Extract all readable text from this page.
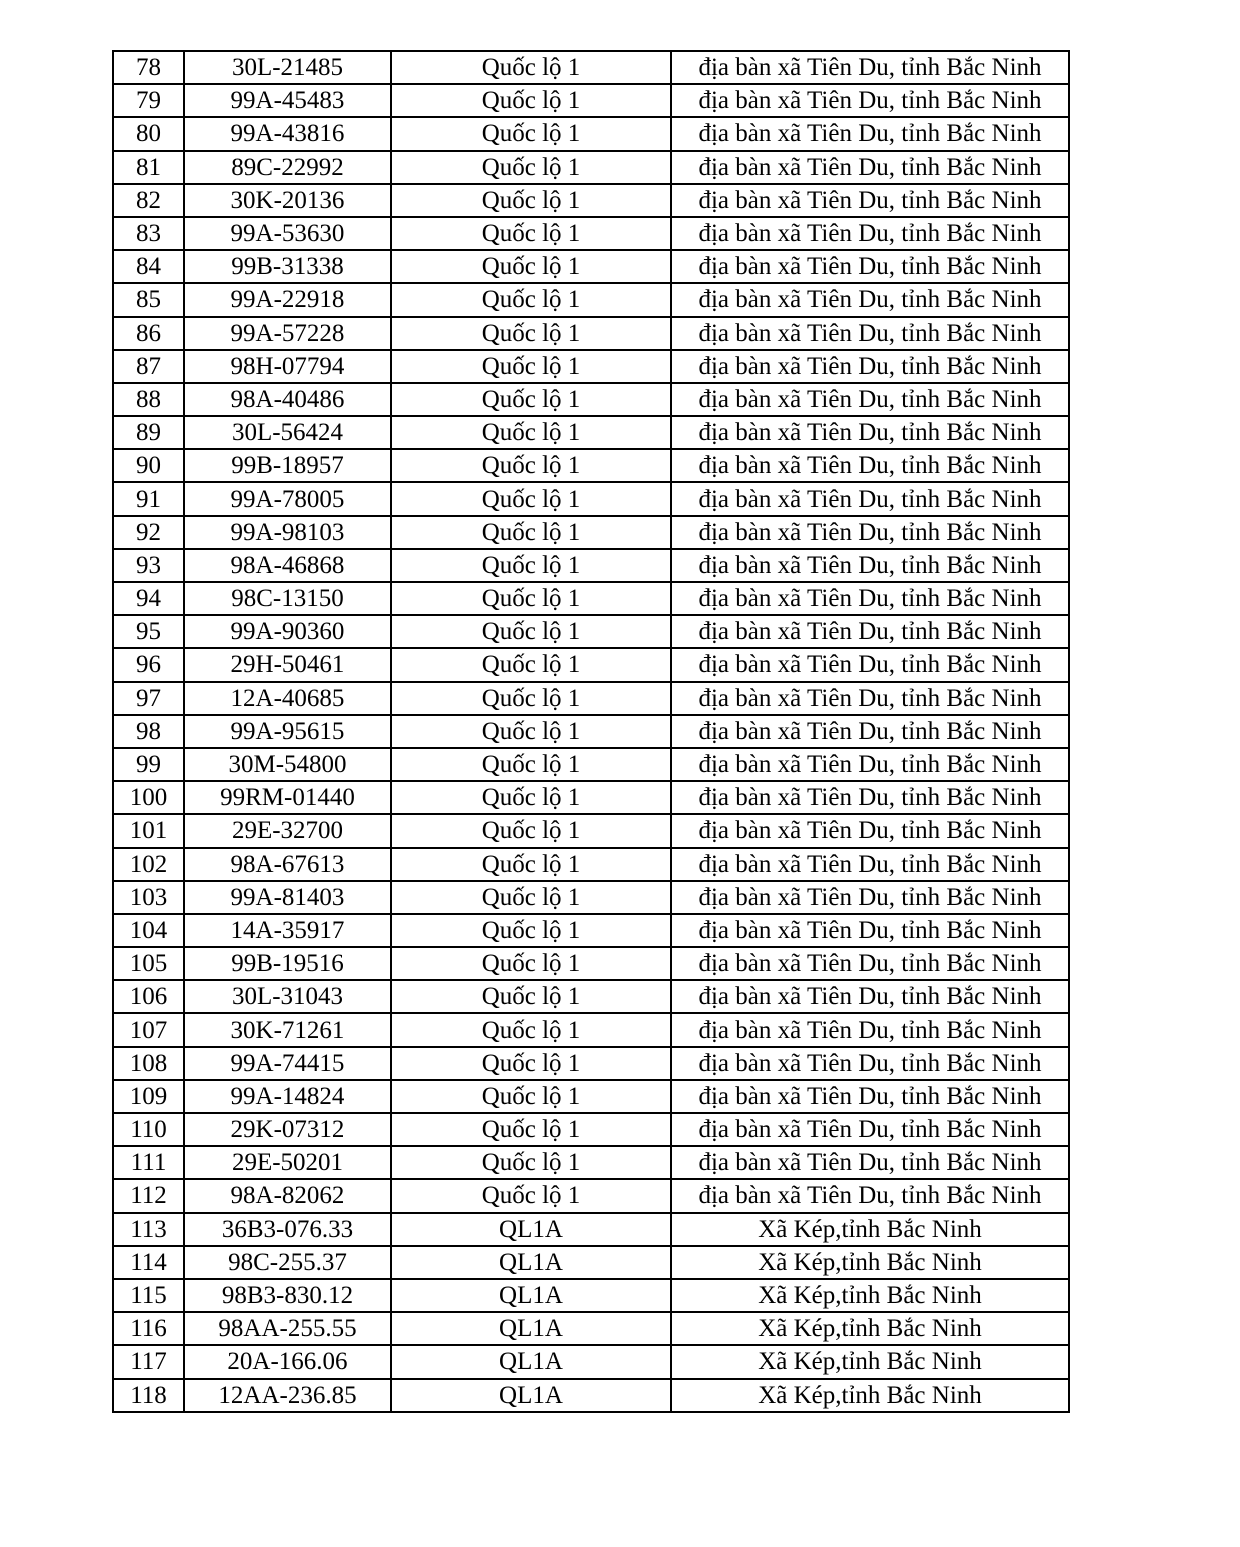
78	30L-21485	Quốc lộ 1	địa bàn xã Tiên Du, tỉnh Bắc Ninh
79	99A-45483	Quốc lộ 1	địa bàn xã Tiên Du, tỉnh Bắc Ninh
80	99A-43816	Quốc lộ 1	địa bàn xã Tiên Du, tỉnh Bắc Ninh
81	89C-22992	Quốc lộ 1	địa bàn xã Tiên Du, tỉnh Bắc Ninh
82	30K-20136	Quốc lộ 1	địa bàn xã Tiên Du, tỉnh Bắc Ninh
83	99A-53630	Quốc lộ 1	địa bàn xã Tiên Du, tỉnh Bắc Ninh
84	99B-31338	Quốc lộ 1	địa bàn xã Tiên Du, tỉnh Bắc Ninh
85	99A-22918	Quốc lộ 1	địa bàn xã Tiên Du, tỉnh Bắc Ninh
86	99A-57228	Quốc lộ 1	địa bàn xã Tiên Du, tỉnh Bắc Ninh
87	98H-07794	Quốc lộ 1	địa bàn xã Tiên Du, tỉnh Bắc Ninh
88	98A-40486	Quốc lộ 1	địa bàn xã Tiên Du, tỉnh Bắc Ninh
89	30L-56424	Quốc lộ 1	địa bàn xã Tiên Du, tỉnh Bắc Ninh
90	99B-18957	Quốc lộ 1	địa bàn xã Tiên Du, tỉnh Bắc Ninh
91	99A-78005	Quốc lộ 1	địa bàn xã Tiên Du, tỉnh Bắc Ninh
92	99A-98103	Quốc lộ 1	địa bàn xã Tiên Du, tỉnh Bắc Ninh
93	98A-46868	Quốc lộ 1	địa bàn xã Tiên Du, tỉnh Bắc Ninh
94	98C-13150	Quốc lộ 1	địa bàn xã Tiên Du, tỉnh Bắc Ninh
95	99A-90360	Quốc lộ 1	địa bàn xã Tiên Du, tỉnh Bắc Ninh
96	29H-50461	Quốc lộ 1	địa bàn xã Tiên Du, tỉnh Bắc Ninh
97	12A-40685	Quốc lộ 1	địa bàn xã Tiên Du, tỉnh Bắc Ninh
98	99A-95615	Quốc lộ 1	địa bàn xã Tiên Du, tỉnh Bắc Ninh
99	30M-54800	Quốc lộ 1	địa bàn xã Tiên Du, tỉnh Bắc Ninh
100	99RM-01440	Quốc lộ 1	địa bàn xã Tiên Du, tỉnh Bắc Ninh
101	29E-32700	Quốc lộ 1	địa bàn xã Tiên Du, tỉnh Bắc Ninh
102	98A-67613	Quốc lộ 1	địa bàn xã Tiên Du, tỉnh Bắc Ninh
103	99A-81403	Quốc lộ 1	địa bàn xã Tiên Du, tỉnh Bắc Ninh
104	14A-35917	Quốc lộ 1	địa bàn xã Tiên Du, tỉnh Bắc Ninh
105	99B-19516	Quốc lộ 1	địa bàn xã Tiên Du, tỉnh Bắc Ninh
106	30L-31043	Quốc lộ 1	địa bàn xã Tiên Du, tỉnh Bắc Ninh
107	30K-71261	Quốc lộ 1	địa bàn xã Tiên Du, tỉnh Bắc Ninh
108	99A-74415	Quốc lộ 1	địa bàn xã Tiên Du, tỉnh Bắc Ninh
109	99A-14824	Quốc lộ 1	địa bàn xã Tiên Du, tỉnh Bắc Ninh
110	29K-07312	Quốc lộ 1	địa bàn xã Tiên Du, tỉnh Bắc Ninh
111	29E-50201	Quốc lộ 1	địa bàn xã Tiên Du, tỉnh Bắc Ninh
112	98A-82062	Quốc lộ 1	địa bàn xã Tiên Du, tỉnh Bắc Ninh
113	36B3-076.33	QL1A	Xã Kép,tỉnh Bắc Ninh
114	98C-255.37	QL1A	Xã Kép,tỉnh Bắc Ninh
115	98B3-830.12	QL1A	Xã Kép,tỉnh Bắc Ninh
116	98AA-255.55	QL1A	Xã Kép,tỉnh Bắc Ninh
117	20A-166.06	QL1A	Xã Kép,tỉnh Bắc Ninh
118	12AA-236.85	QL1A	Xã Kép,tỉnh Bắc Ninh
